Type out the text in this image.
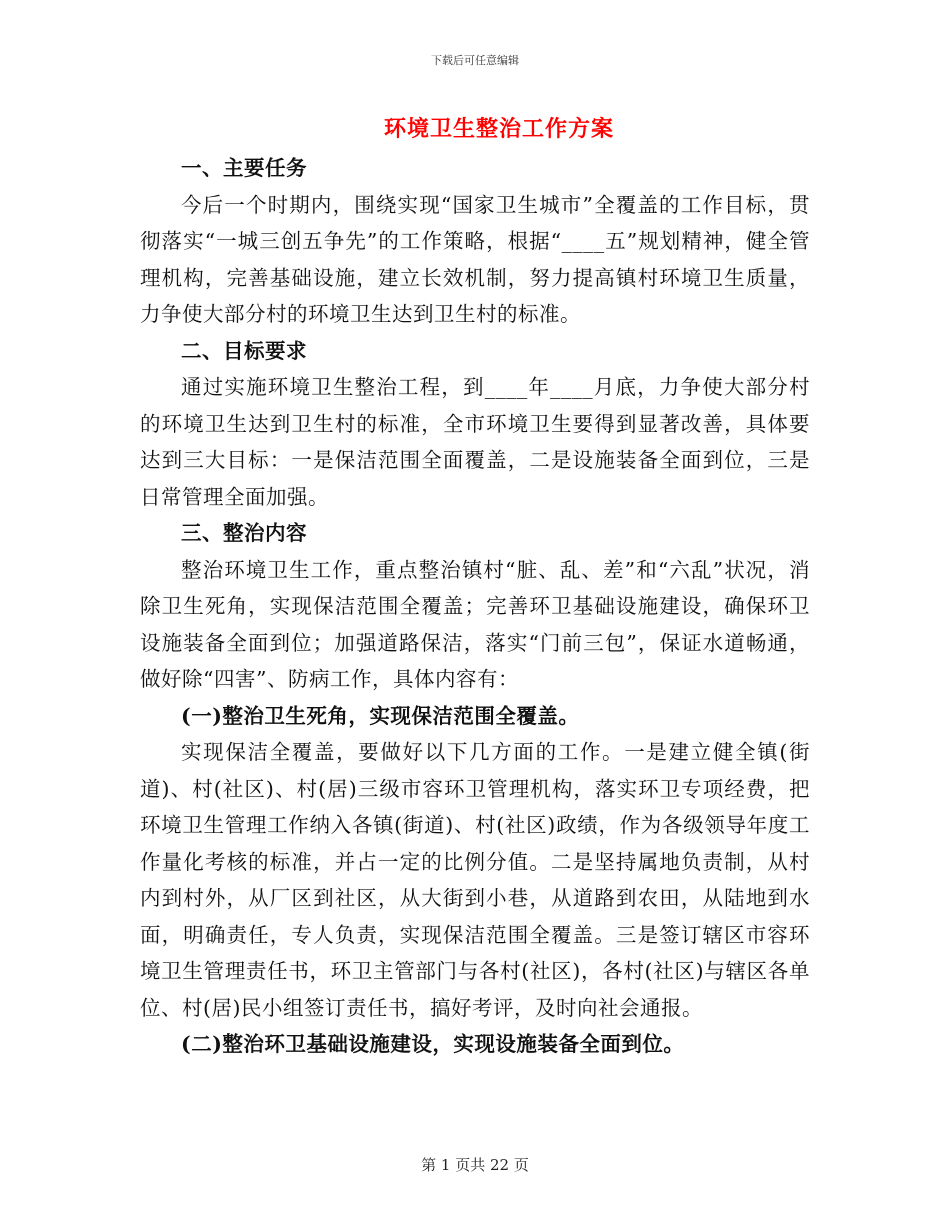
下载后可任意编辑
环境卫生整治工作方案

一、主要任务

今后一个时期内，围绕实现“国家卫生城市”全覆盖的工作目标，贯彻落实“一城三创五争先”的工作策略，根据“____五”规划精神，健全管理机构，完善基础设施，建立长效机制，努力提高镇村环境卫生质量，力争使大部分村的环境卫生达到卫生村的标准。

二、目标要求

通过实施环境卫生整治工程，到____年____月底，力争使大部分村的环境卫生达到卫生村的标准，全市环境卫生要得到显著改善，具体要达到三大目标：一是保洁范围全面覆盖，二是设施装备全面到位，三是日常管理全面加强。

三、整治内容

整治环境卫生工作，重点整治镇村“脏、乱、差”和“六乱”状况，消除卫生死角，实现保洁范围全覆盖；完善环卫基础设施建设，确保环卫设施装备全面到位；加强道路保洁，落实“门前三包”，保证水道畅通，做好除“四害”、防病工作，具体内容有：

(一)整治卫生死角，实现保洁范围全覆盖。

实现保洁全覆盖，要做好以下几方面的工作。一是建立健全镇(街道)、村(社区)、村(居)三级市容环卫管理机构，落实环卫专项经费，把环境卫生管理工作纳入各镇(街道)、村(社区)政绩，作为各级领导年度工作量化考核的标准，并占一定的比例分值。二是坚持属地负责制，从村内到村外，从厂区到社区，从大街到小巷，从道路到农田，从陆地到水面，明确责任，专人负责，实现保洁范围全覆盖。三是签订辖区市容环境卫生管理责任书，环卫主管部门与各村(社区)，各村(社区)与辖区各单位、村(居)民小组签订责任书，搞好考评，及时向社会通报。

(二)整治环卫基础设施建设，实现设施装备全面到位。

第 1 页共 22 页
